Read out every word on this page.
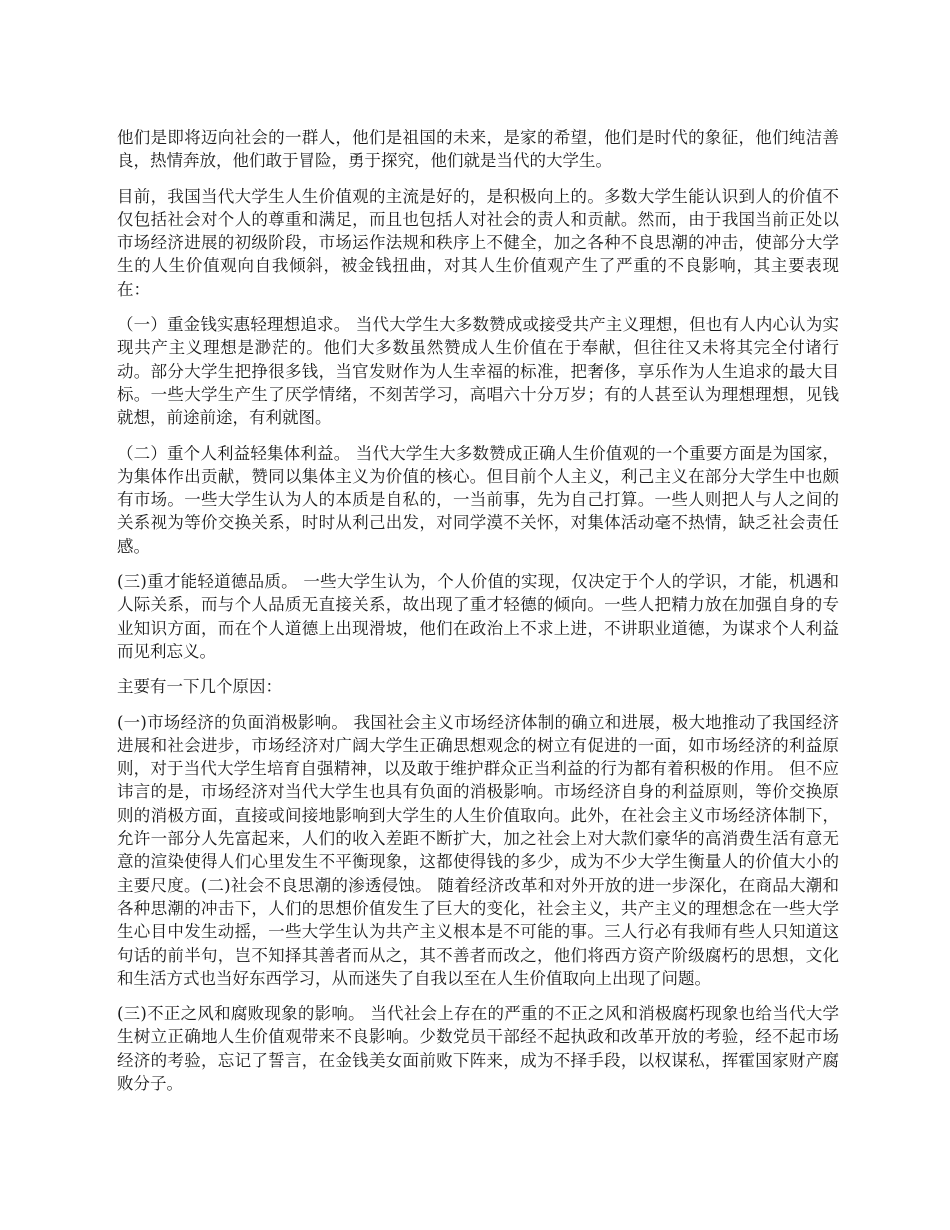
他们是即将迈向社会的一群人，他们是祖国的未来，是家的希望，他们是时代的象征，他们纯洁善良，热情奔放，他们敢于冒险，勇于探究，他们就是当代的大学生。

目前，我国当代大学生人生价值观的主流是好的，是积极向上的。多数大学生能认识到人的价值不仅包括社会对个人的尊重和满足，而且也包括人对社会的责人和贡献。然而，由于我国当前正处以市场经济进展的初级阶段，市场运作法规和秩序上不健全，加之各种不良思潮的冲击，使部分大学生的人生价值观向自我倾斜，被金钱扭曲，对其人生价值观产生了严重的不良影响，其主要表现在：

（一）重金钱实惠轻理想追求。 当代大学生大多数赞成或接受共产主义理想，但也有人内心认为实现共产主义理想是渺茫的。他们大多数虽然赞成人生价值在于奉献，但往往又未将其完全付诸行动。部分大学生把挣很多钱，当官发财作为人生幸福的标准，把奢侈，享乐作为人生追求的最大目标。一些大学生产生了厌学情绪，不刻苦学习，高唱六十分万岁；有的人甚至认为理想理想，见钱就想，前途前途，有利就图。

（二）重个人利益轻集体利益。 当代大学生大多数赞成正确人生价值观的一个重要方面是为国家，为集体作出贡献，赞同以集体主义为价值的核心。但目前个人主义，利己主义在部分大学生中也颇有市场。一些大学生认为人的本质是自私的，一当前事，先为自己打算。一些人则把人与人之间的关系视为等价交换关系，时时从利己出发，对同学漠不关怀，对集体活动毫不热情，缺乏社会责任感。

(三)重才能轻道德品质。 一些大学生认为，个人价值的实现，仅决定于个人的学识，才能，机遇和人际关系，而与个人品质无直接关系，故出现了重才轻德的倾向。一些人把精力放在加强自身的专业知识方面，而在个人道德上出现滑坡，他们在政治上不求上进，不讲职业道德，为谋求个人利益而见利忘义。

主要有一下几个原因：

(一)市场经济的负面消极影响。 我国社会主义市场经济体制的确立和进展，极大地推动了我国经济进展和社会进步，市场经济对广阔大学生正确思想观念的树立有促进的一面，如市场经济的利益原则，对于当代大学生培育自强精神，以及敢于维护群众正当利益的行为都有着积极的作用。 但不应讳言的是，市场经济对当代大学生也具有负面的消极影响。市场经济自身的利益原则，等价交换原则的消极方面，直接或间接地影响到大学生的人生价值取向。此外，在社会主义市场经济体制下，允许一部分人先富起来，人们的收入差距不断扩大，加之社会上对大款们豪华的高消费生活有意无意的渲染使得人们心里发生不平衡现象，这都使得钱的多少，成为不少大学生衡量人的价值大小的主要尺度。(二)社会不良思潮的渗透侵蚀。 随着经济改革和对外开放的进一步深化，在商品大潮和各种思潮的冲击下，人们的思想价值发生了巨大的变化，社会主义，共产主义的理想念在一些大学生心目中发生动摇，一些大学生认为共产主义根本是不可能的事。三人行必有我师有些人只知道这句话的前半句，岂不知择其善者而从之，其不善者而改之，他们将西方资产阶级腐朽的思想，文化和生活方式也当好东西学习，从而迷失了自我以至在人生价值取向上出现了问题。

(三)不正之风和腐败现象的影响。 当代社会上存在的严重的不正之风和消极腐朽现象也给当代大学生树立正确地人生价值观带来不良影响。少数党员干部经不起执政和改革开放的考验，经不起市场经济的考验，忘记了誓言，在金钱美女面前败下阵来，成为不择手段，以权谋私，挥霍国家财产腐败分子。
